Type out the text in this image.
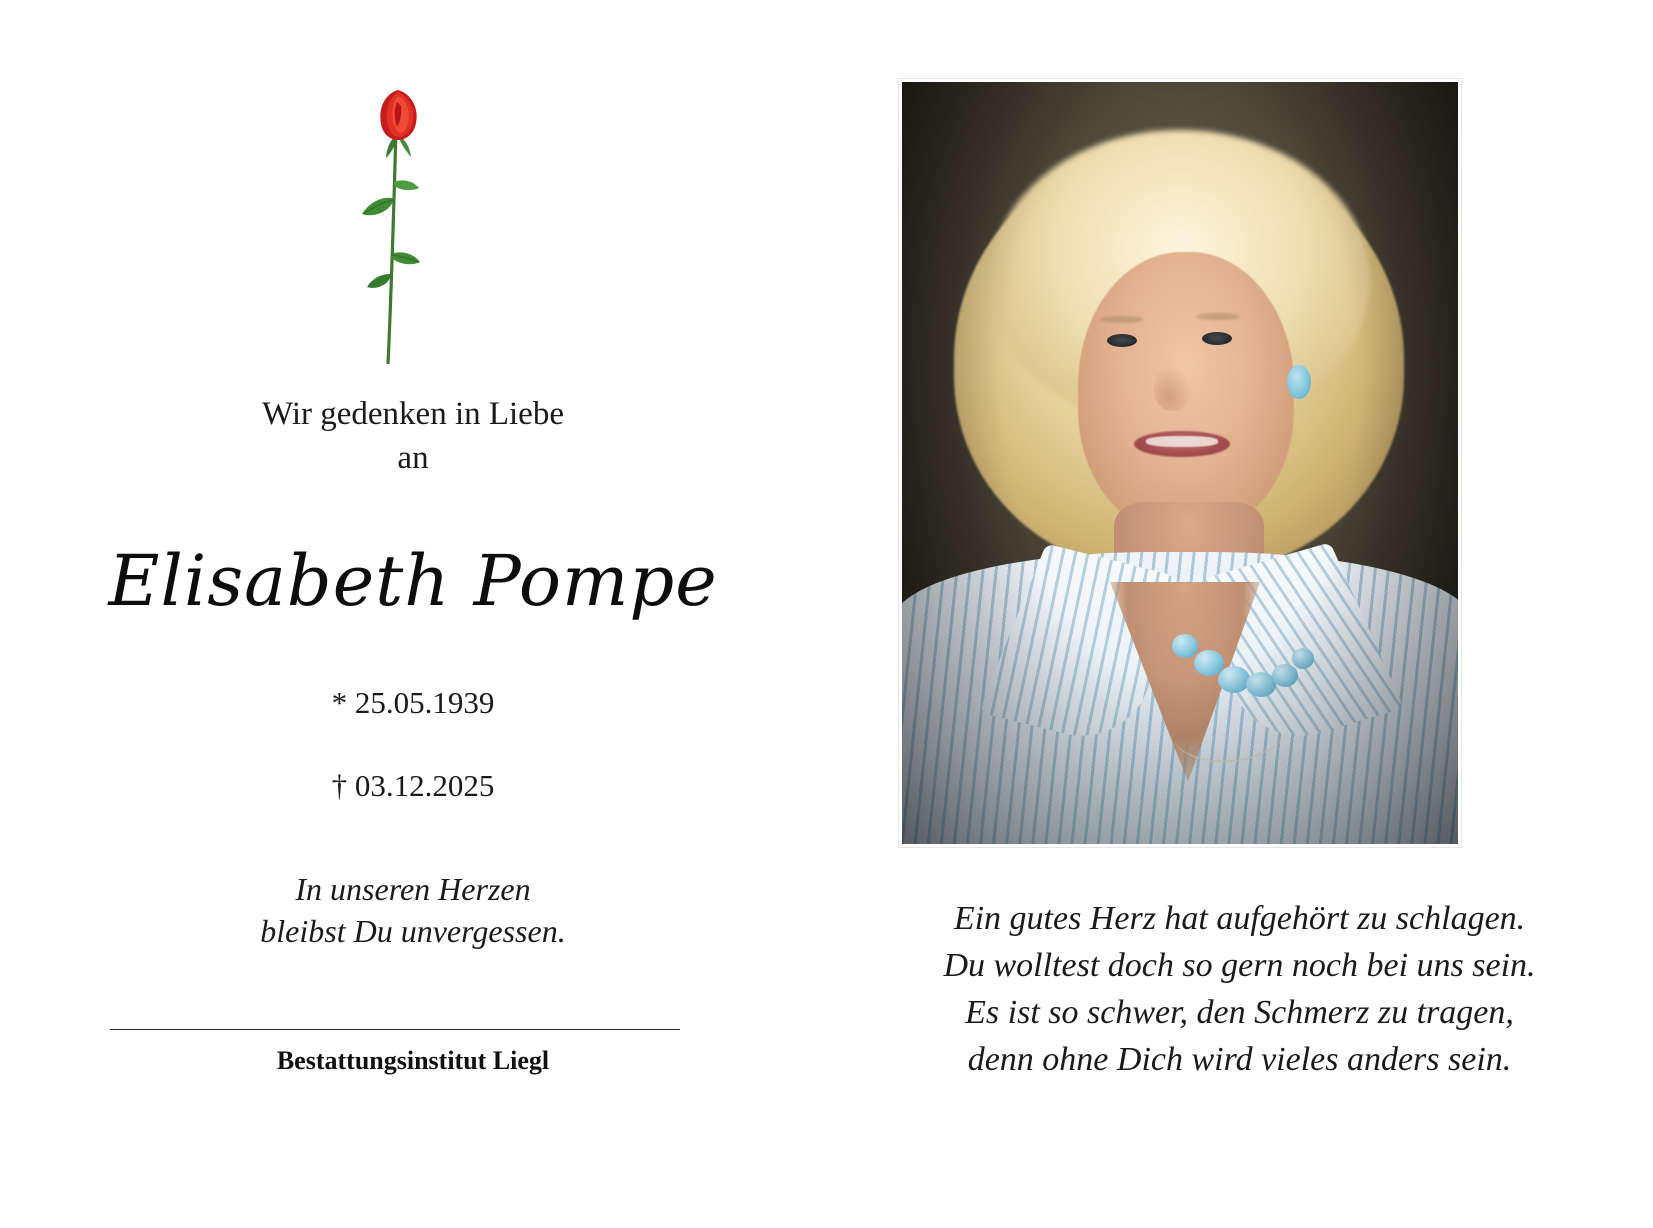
Wir gedenken in Liebe
an
Elisabeth Pompe
* 25.05.1939
† 03.12.2025
In unseren Herzen
bleibst Du unvergessen.
Bestattungsinstitut Liegl
Ein gutes Herz hat aufgehört zu schlagen.
Du wolltest doch so gern noch bei uns sein.
Es ist so schwer, den Schmerz zu tragen,
denn ohne Dich wird vieles anders sein.
